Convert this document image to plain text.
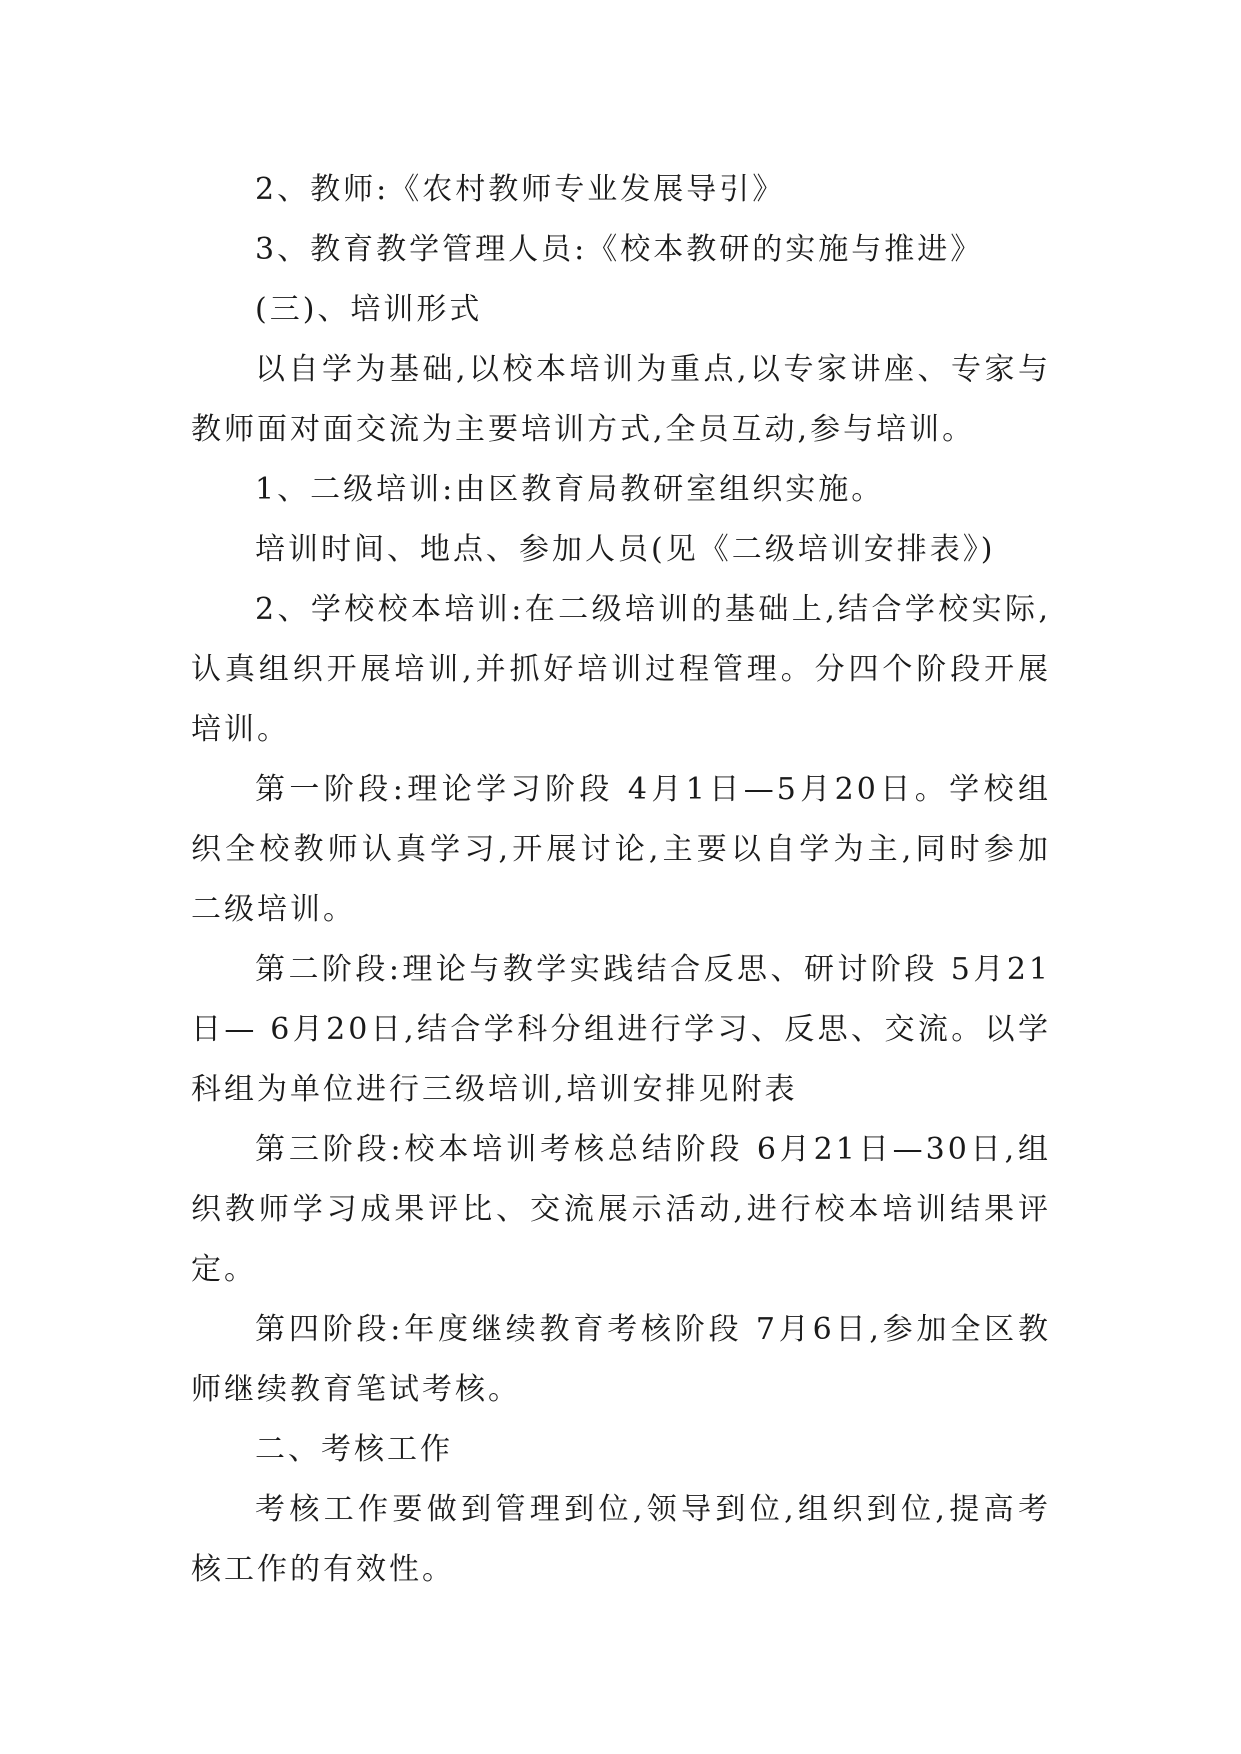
2、教师:《农村教师专业发展导引》

3、教育教学管理人员:《校本教研的实施与推进》

(三)、培训形式

以自学为基础,以校本培训为重点,以专家讲座、专家与教师面对面交流为主要培训方式,全员互动,参与培训。

1、二级培训:由区教育局教研室组织实施。

培训时间、地点、参加人员(见《二级培训安排表》)

2、学校校本培训:在二级培训的基础上,结合学校实际,认真组织开展培训,并抓好培训过程管理。分四个阶段开展培训。

第一阶段:理论学习阶段 4月1日—5月20日。学校组织全校教师认真学习,开展讨论,主要以自学为主,同时参加二级培训。

第二阶段:理论与教学实践结合反思、研讨阶段 5月21日— 6月20日,结合学科分组进行学习、反思、交流。以学科组为单位进行三级培训,培训安排见附表

第三阶段:校本培训考核总结阶段 6月21日—30日,组织教师学习成果评比、交流展示活动,进行校本培训结果评定。

第四阶段:年度继续教育考核阶段 7月6日,参加全区教师继续教育笔试考核。

二、考核工作

考核工作要做到管理到位,领导到位,组织到位,提高考核工作的有效性。
